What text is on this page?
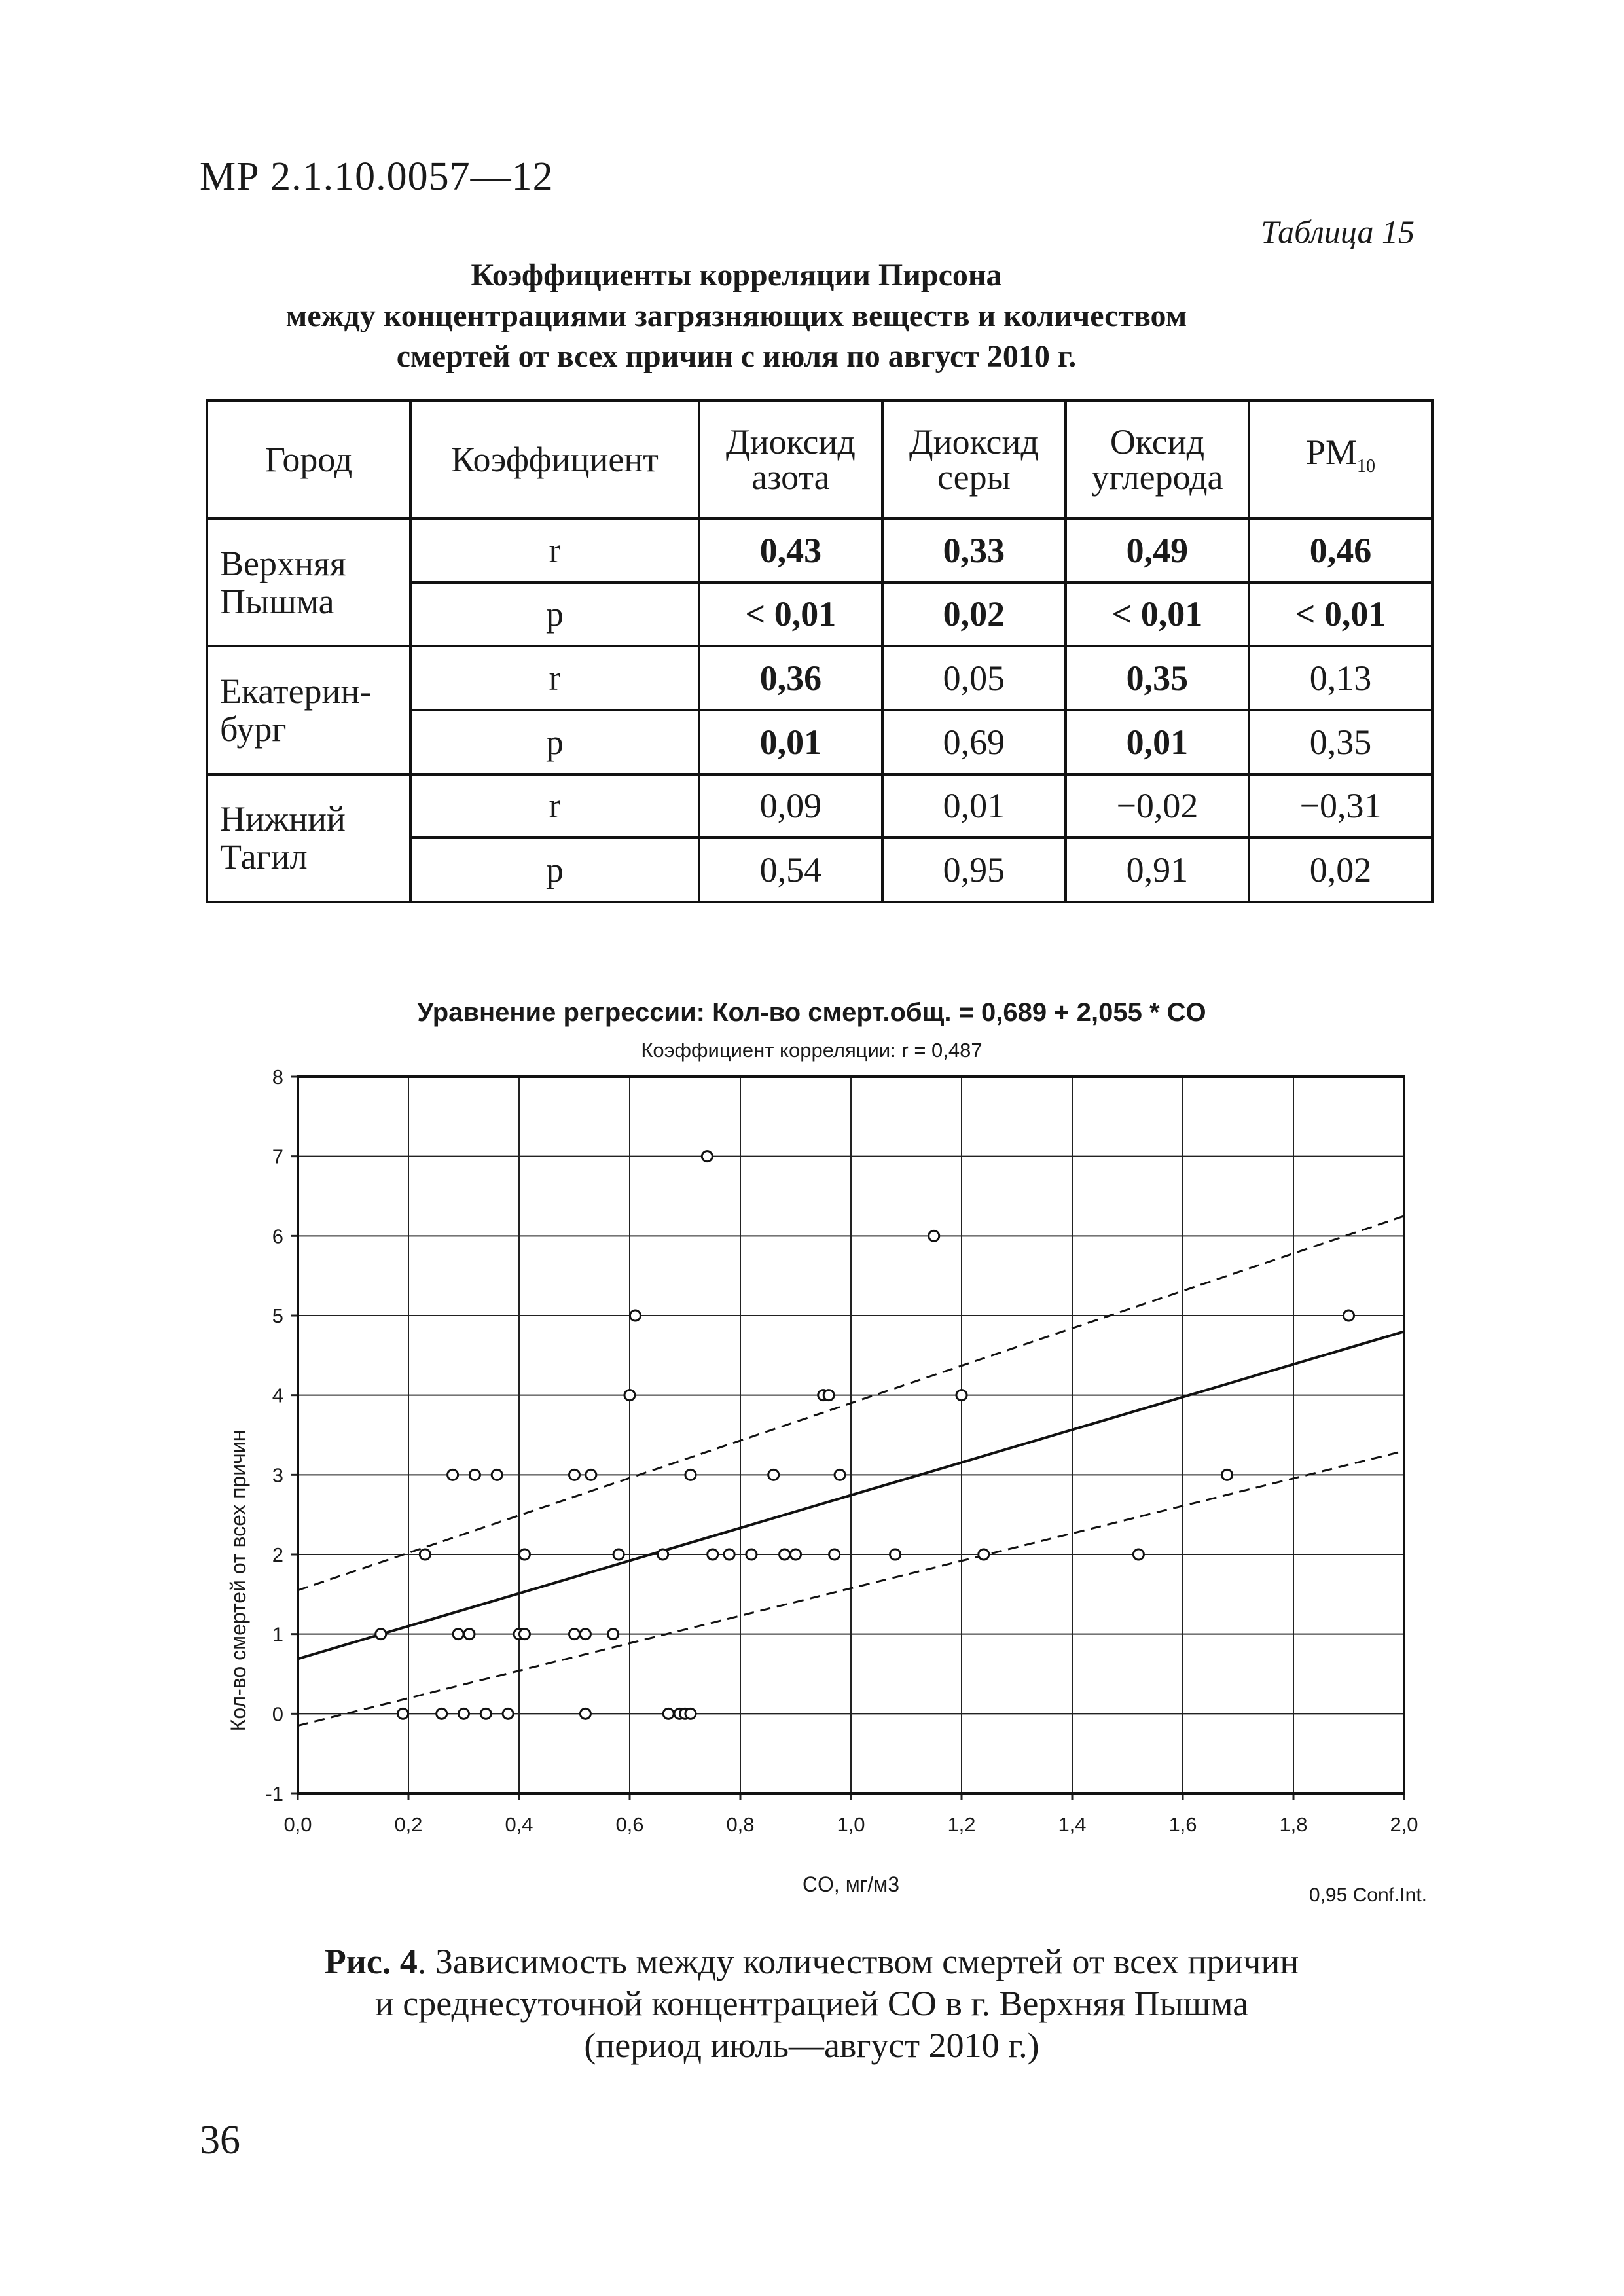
МР 2.1.10.0057—12
Таблица 15
Коэффициенты корреляции Пирсона
между концентрациями загрязняющих веществ и количеством
смертей от всех причин с июля по август 2010 г.
Город	Коэффициент	Диоксид азота	Диоксид серы	Оксид углерода	$PM_{10}$
Верхняя Пышма	r	0,43	0,33	0,49	0,46
	p	< 0,01	0,02	< 0,01	< 0,01
Екатерин-бург	r	0,36	0,05	0,35	0,13
	p	0,01	0,69	0,01	0,35
Нижний Тагил	r	0,09	0,01	−0,02	−0,31
	p	0,54	0,95	0,91	0,02
0,0	0,2	0,4	0,6	0,8	1,0	1,2	1,4	1,6	1,8	2,0
-1
0
1
2
3
4
5
6
7
8
Уравнение регрессии: Кол-во смерт.общ. = 0,689 + 2,055 * CO
Коэффициент корреляции: r = 0,487
Кол-во смертей от всех причин
CO, мг/м3	0,95 Conf.Int.
Рис. 4. Зависимость между количеством смертей от всех причин
и среднесуточной концентрацией CO в г. Верхняя Пышма
(период июль—август 2010 г.)
36
